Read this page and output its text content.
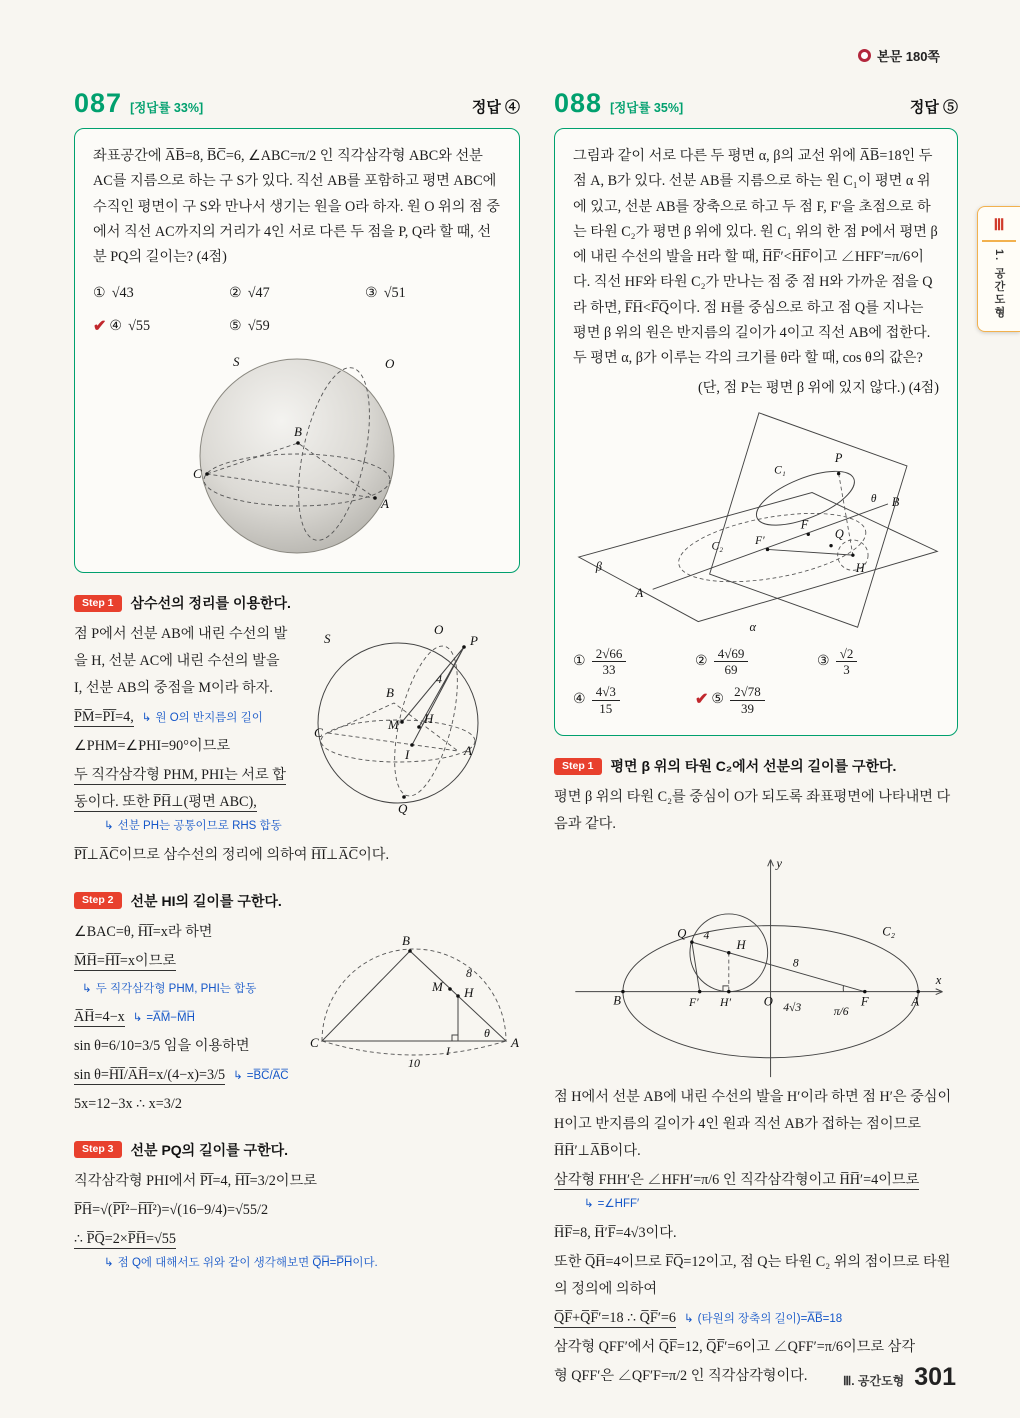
본문 180쪽
Ⅲ
1. 공간도형
087 [정답률 33%]	정답 ④

좌표공간에 A̅B̅=8, B̅C̅=6, ∠ABC=π/2 인 직각삼각형 ABC와 선분 AC를 지름으로 하는 구 S가 있다. 직선 AB를 포함하고 평면 ABC에 수직인 평면이 구 S와 만나서 생기는 원을 O라 하자. 원 O 위의 점 중에서 직선 AC까지의 거리가 4인 서로 다른 두 점을 P, Q라 할 때, 선분 PQ의 길이는? (4점)

① √43	② √47	③ √51
✔ ④ √55	⑤ √59
S	O
B
C
A
Step 1	삼수선의 정리를 이용한다.
S
O
P
B
M H
I
C
A
Q
4

점 P에서 선분 AB에 내린 수선의 발을 H, 선분 AC에 내린 수선의 발을 I, 선분 AB의 중점을 M이라 하자.

P̅M̅=P̅I̅=4, ↳ 원 O의 반지름의 길이

∠PHM=∠PHI=90°이므로

두 직각삼각형 PHM, PHI는 서로 합동이다. 또한 P̅H̅⊥(평면 ABC),

↳ 선분 PH는 공통이므로 RHS 합동

P̅I̅⊥A̅C̅이므로 삼수선의 정리에 의하여 H̅I̅⊥A̅C̅이다.

Step 2	선분 HI의 길이를 구한다.
B
8
M H
θ
A
C
10
I

∠BAC=θ, H̅I̅=x라 하면

M̅H̅=H̅I̅=x이므로↳ 두 직각삼각형 PHM, PHI는 합동

A̅H̅=4−x ↳ =A̅M̅−M̅H̅

sin θ=6/10=3/5 임을 이용하면

sin θ=H̅I̅/A̅H̅=x/(4−x)=3/5 ↳ =B̅C̅/A̅C̅

5x=12−3x ∴ x=3/2

Step 3	선분 PQ의 길이를 구한다.

직각삼각형 PHI에서 P̅I̅=4, H̅I̅=3/2이므로

P̅H̅=√(P̅I̅²−H̅I̅²)=√(16−9/4)=√55/2

∴ P̅Q̅=2×P̅H̅=√55

↳ 점 Q에 대해서도 위와 같이 생각해보면 Q̅H̅=P̅H̅이다.
088 [정답률 35%]	정답 ⑤

그림과 같이 서로 다른 두 평면 α, β의 교선 위에 A̅B̅=18인 두 점 A, B가 있다. 선분 AB를 지름으로 하는 원 C₁이 평면 α 위에 있고, 선분 AB를 장축으로 하고 두 점 F, F′을 초점으로 하는 타원 C₂가 평면 β 위에 있다. 원 C₁ 위의 한 점 P에서 평면 β에 내린 수선의 발을 H라 할 때, H̅F̅′<H̅F̅이고 ∠HFF′=π/6이다. 직선 HF와 타원 C₂가 만나는 점 중 점 H와 가까운 점을 Q라 하면, F̅H̅<F̅Q̅이다. 점 H를 중심으로 하고 점 Q를 지나는 평면 β 위의 원은 반지름의 길이가 4이고 직선 AB에 접한다. 두 평면 α, β가 이루는 각의 크기를 θ라 할 때, cos θ의 값은?

(단, 점 P는 평면 β 위에 있지 않다.) (4점)

P
C₁
θ B
F
F′	Q
H
C₂
A
α
β
① $\frac{2√66}{33}$	② $\frac{4√69}{69}$	③ $\frac{√2}{3}$
④ $\frac{4√3}{15}$	✔ ⑤ $\frac{2√78}{39}$
Step 1	평면 β 위의 타원 C₂에서 선분의 길이를 구한다.

평면 β 위의 타원 C₂를 중심이 O가 되도록 좌표평면에 나타내면 다음과 같다.

y
x
Q 4
H
8
B	F′ H′	O 4√3	π/6
F	A
C₂

점 H에서 선분 AB에 내린 수선의 발을 H′이라 하면 점 H′은 중심이 H이고 반지름의 길이가 4인 원과 직선 AB가 접하는 점이므로 H̅H̅′⊥A̅B̅이다.

삼각형 FHH′은 ∠HFH′=π/6 인 직각삼각형이고 H̅H̅′=4이므로

↳ =∠HFF′

H̅F̅=8, H̅′F̅=4√3이다.

또한 Q̅H̅=4이므로 F̅Q̅=12이고, 점 Q는 타원 C₂ 위의 점이므로 타원의 정의에 의하여

Q̅F̅+Q̅F̅′=18 ∴ Q̅F̅′=6 ↳ (타원의 장축의 길이)=A̅B̅=18

삼각형 QFF′에서 Q̅F̅=12, Q̅F̅′=6이고 ∠QFF′=π/6이므로 삼각

형 QFF′은 ∠QF′F=π/2 인 직각삼각형이다.	Ⅲ. 공간도형 301
